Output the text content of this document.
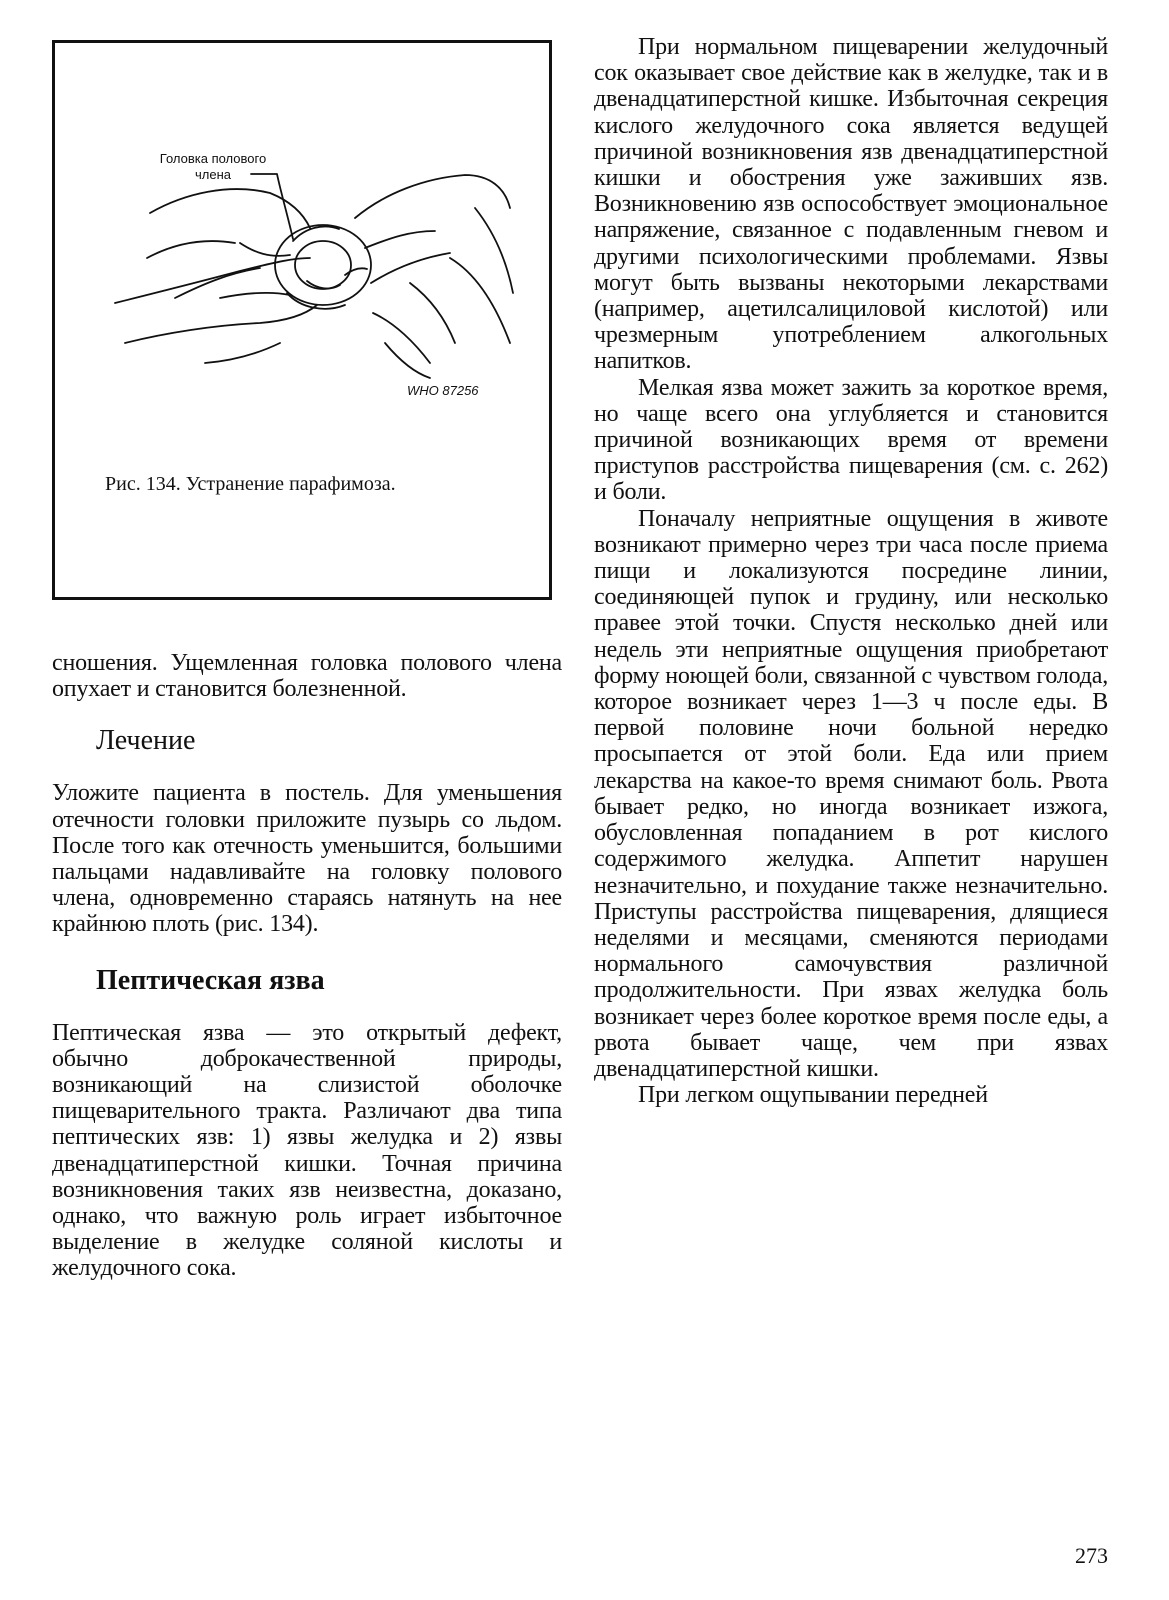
Головка полового члена
WHO 87256
Рис. 134. Устранение парафимоза.

сношения. Ущемленная головка полового члена опухает и становится болезненной.

Лечение

Уложите пациента в постель. Для уменьшения отечности головки приложите пузырь со льдом. После того как отечность уменьшится, большими пальцами надавливайте на головку полового члена, одновременно стараясь натянуть на нее крайнюю плоть (рис. 134).

Пептическая язва

Пептическая язва — это открытый дефект, обычно доброкачественной природы, возникающий на слизистой оболочке пищеварительного тракта. Различают два типа пептических язв: 1) язвы желудка и 2) язвы двенадцатиперстной кишки. Точная причина возникновения таких язв неизвестна, доказано, однако, что важную роль играет избыточное выделение в желудке соляной кислоты и желудочного сока.

При нормальном пищеварении желудочный сок оказывает свое действие как в желудке, так и в двенадцатиперстной кишке. Избыточная секреция кислого желудочного сока является ведущей причиной возникновения язв двенадцатиперстной кишки и обострения уже заживших язв. Возникновению язв оспособствует эмоциональное напряжение, связанное с подавленным гневом и другими психологическими проблемами. Язвы могут быть вызваны некоторыми лекарствами (например, ацетилсалициловой кислотой) или чрезмерным употреблением алкогольных напитков.

Мелкая язва может зажить за короткое время, но чаще всего она углубляется и становится причиной возникающих время от времени приступов расстройства пищеварения (см. с. 262) и боли.

Поначалу неприятные ощущения в животе возникают примерно через три часа после приема пищи и локализуются посредине линии, соединяющей пупок и грудину, или несколько правее этой точки. Спустя несколько дней или недель эти неприятные ощущения приобретают форму ноющей боли, связанной с чувством голода, которое возникает через 1—3 ч после еды. В первой половине ночи больной нередко просыпается от этой боли. Еда или прием лекарства на какое-то время снимают боль. Рвота бывает редко, но иногда возникает изжога, обусловленная попаданием в рот кислого содержимого желудка. Аппетит нарушен незначительно, и похудание также незначительно. Приступы расстройства пищеварения, длящиеся неделями и месяцами, сменяются периодами нормального самочувствия различной продолжительности. При язвах желудка боль возникает через более короткое время после еды, а рвота бывает чаще, чем при язвах двенадцатиперстной кишки.

При легком ощупывании передней

273
